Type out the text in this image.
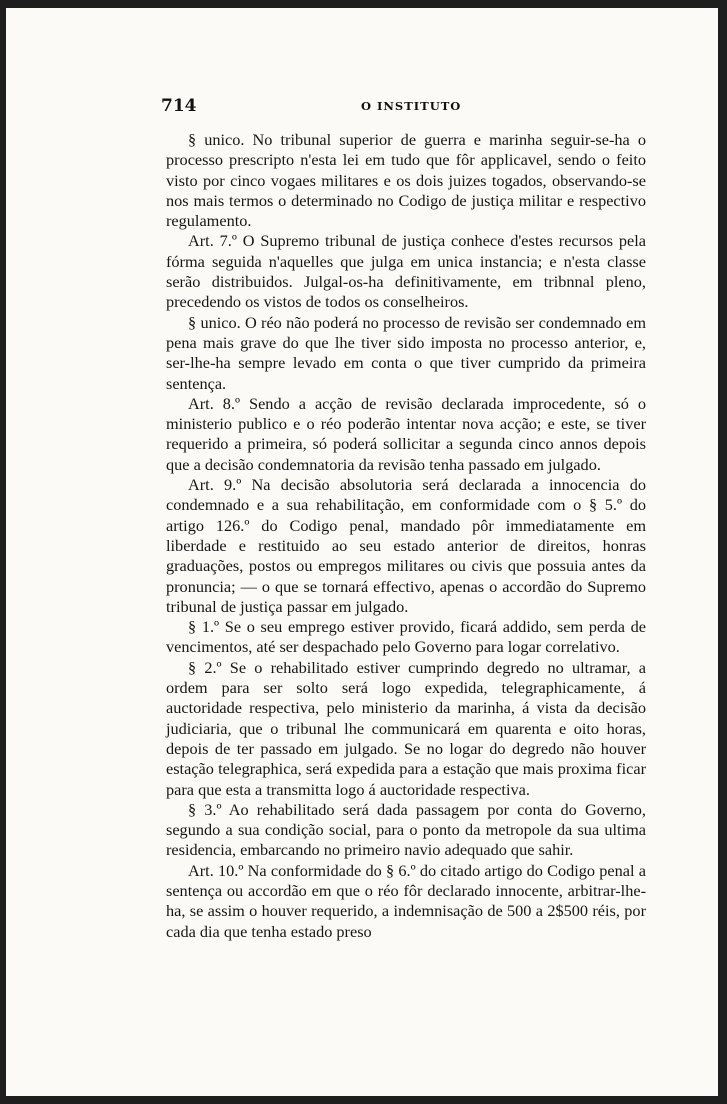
714	O INSTITUTO

§ unico. No tribunal superior de guerra e marinha seguir-se-ha o processo prescripto n'esta lei em tudo que fôr applicavel, sendo o feito visto por cinco vogaes militares e os dois juizes togados, observando-se nos mais termos o determinado no Codigo de justiça militar e respectivo regulamento.

Art. 7.º O Supremo tribunal de justiça conhece d'estes recursos pela fórma seguida n'aquelles que julga em unica instancia; e n'esta classe serão distribuidos. Julgal-os-ha definitivamente, em tribnnal pleno, precedendo os vistos de todos os conselheiros.

§ unico. O réo não poderá no processo de revisão ser condemnado em pena mais grave do que lhe tiver sido imposta no processo anterior, e, ser-lhe-ha sempre levado em conta o que tiver cumprido da primeira sentença.

Art. 8.º Sendo a acção de revisão declarada improcedente, só o ministerio publico e o réo poderão intentar nova acção; e este, se tiver requerido a primeira, só poderá sollicitar a segunda cinco annos depois que a decisão condemnatoria da revisão tenha passado em julgado.

Art. 9.º Na decisão absolutoria será declarada a innocencia do condemnado e a sua rehabilitação, em conformidade com o § 5.º do artigo 126.º do Codigo penal, mandado pôr immediatamente em liberdade e restituido ao seu estado anterior de direitos, honras graduações, postos ou empregos militares ou civis que possuia antes da pronuncia; — o que se tornará effectivo, apenas o accordão do Supremo tribunal de justiça passar em julgado.

§ 1.º Se o seu emprego estiver provido, ficará addido, sem perda de vencimentos, até ser despachado pelo Governo para logar correlativo.

§ 2.º Se o rehabilitado estiver cumprindo degredo no ultramar, a ordem para ser solto será logo expedida, telegraphicamente, á auctoridade respectiva, pelo ministerio da marinha, á vista da decisão judiciaria, que o tribunal lhe communicará em quarenta e oito horas, depois de ter passado em julgado. Se no logar do degredo não houver estação telegraphica, será expedida para a estação que mais proxima ficar para que esta a transmitta logo á auctoridade respectiva.

§ 3.º Ao rehabilitado será dada passagem por conta do Governo, segundo a sua condição social, para o ponto da metropole da sua ultima residencia, embarcando no primeiro navio adequado que sahir.

Art. 10.º Na conformidade do § 6.º do citado artigo do Codigo penal a sentença ou accordão em que o réo fôr declarado innocente, arbitrar-lhe-ha, se assim o houver requerido, a indemnisação de 500 a 2$500 réis, por cada dia que tenha estado preso
